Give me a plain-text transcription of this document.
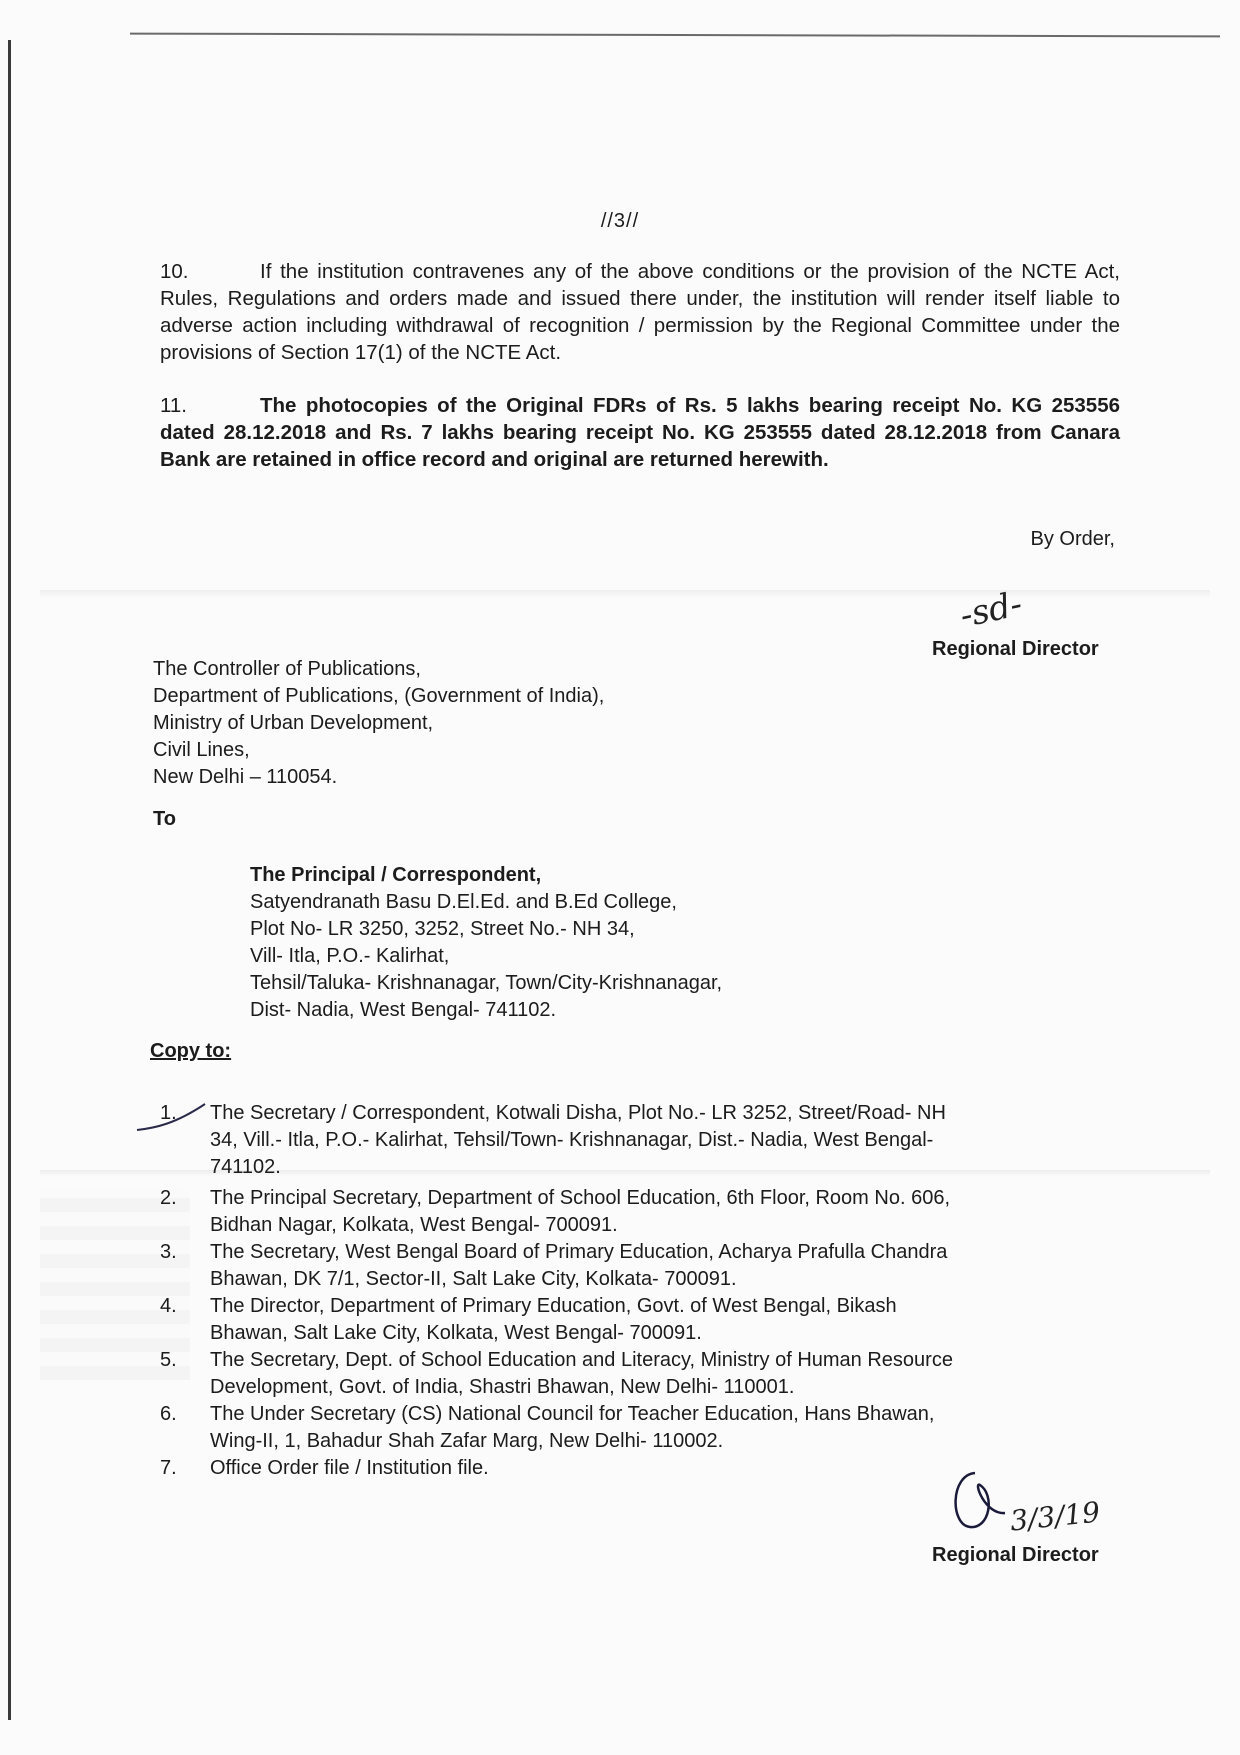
//3//
10.	If the institution contravenes any of the above conditions or the provision of the NCTE Act, Rules, Regulations and orders made and issued there under, the institution will render itself liable to adverse action including withdrawal of recognition / permission by the Regional Committee under the provisions of Section 17(1) of the NCTE Act.
11.	The photocopies of the Original FDRs of Rs. 5 lakhs bearing receipt No. KG 253556 dated 28.12.2018 and Rs. 7 lakhs bearing receipt No. KG 253555 dated 28.12.2018 from Canara Bank are retained in office record and original are returned herewith.
By Order,
-sd-
Regional Director
The Controller of Publications,
Department of Publications, (Government of India),
Ministry of Urban Development,
Civil Lines,
New Delhi – 110054.
To
The Principal / Correspondent,
Satyendranath Basu D.El.Ed. and B.Ed College,
Plot No- LR 3250, 3252, Street No.- NH 34,
Vill- Itla, P.O.- Kalirhat,
Tehsil/Taluka- Krishnanagar, Town/City-Krishnanagar,
Dist- Nadia, West Bengal- 741102.
Copy to:
1. The Secretary / Correspondent, Kotwali Disha, Plot No.- LR 3252, Street/Road- NH
34, Vill.- Itla, P.O.- Kalirhat, Tehsil/Town- Krishnanagar, Dist.- Nadia, West Bengal-
741102.
2. The Principal Secretary, Department of School Education, 6th Floor, Room No. 606,
Bidhan Nagar, Kolkata, West Bengal- 700091.
3. The Secretary, West Bengal Board of Primary Education, Acharya Prafulla Chandra
Bhawan, DK 7/1, Sector-II, Salt Lake City, Kolkata- 700091.
4. The Director, Department of Primary Education, Govt. of West Bengal, Bikash
Bhawan, Salt Lake City, Kolkata, West Bengal- 700091.
5. The Secretary, Dept. of School Education and Literacy, Ministry of Human Resource
Development, Govt. of India, Shastri Bhawan, New Delhi- 110001.
6. The Under Secretary (CS) National Council for Teacher Education, Hans Bhawan,
Wing-II, 1, Bahadur Shah Zafar Marg, New Delhi- 110002.
7. Office Order file / Institution file.
3/3/19
Regional Director
